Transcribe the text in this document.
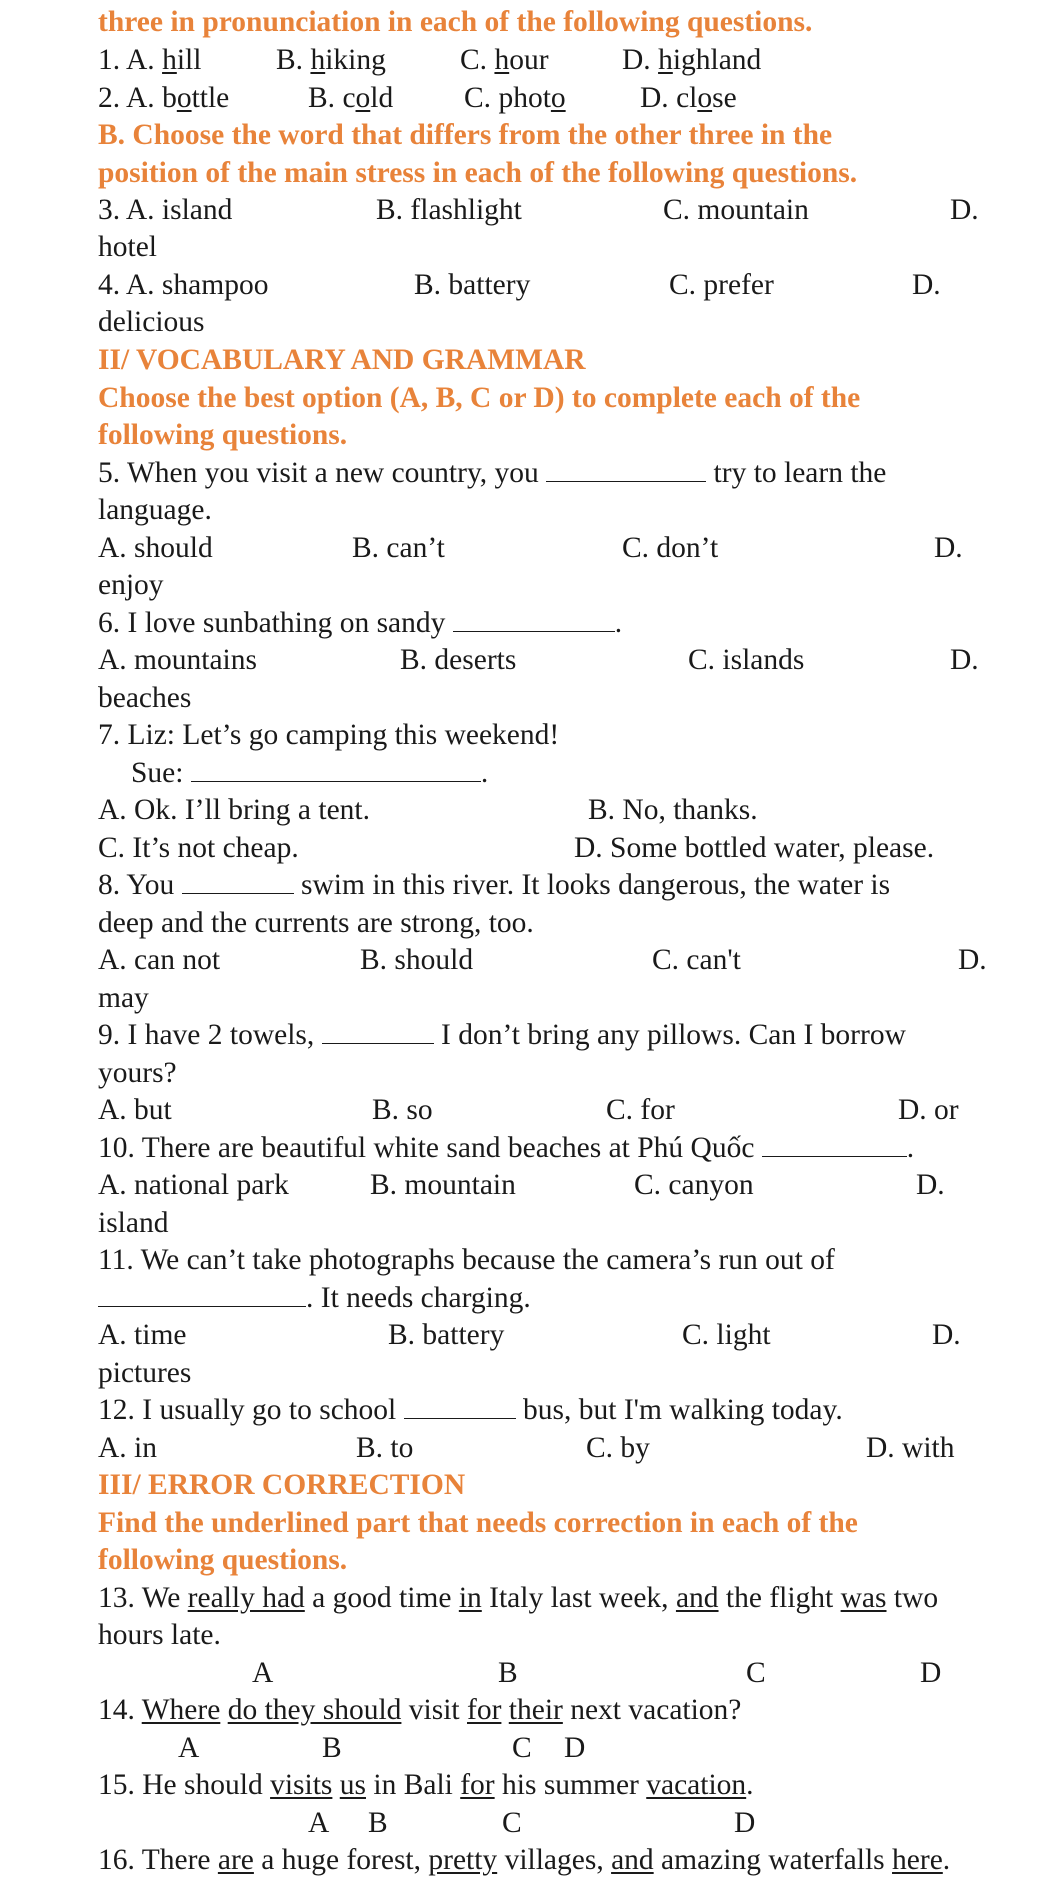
three in pronunciation in each of the following questions.

1. A. hill	B. hiking	C. hour D. highland
2. A. bottle	B. cold C. photo	D. close

B. Choose the word that differs from the other three in the

position of the main stress in each of the following questions.

3. A. island	B. flashlight	C. mountain	D.
hotel
4. A. shampoo	B. battery	C. prefer	D.
delicious

II/ VOCABULARY AND GRAMMAR

Choose the best option (A, B, C or D) to complete each of the

following questions.

5. When you visit a new country, you	try to learn the

language.

A. should	B. can’t	C. don’t	D.
enjoy

6. I love sunbathing on sandy	.

A. mountains	B. deserts	C. islands	D.
beaches

7. Liz: Let’s go camping this weekend!

Sue:	.

A. Ok. I’ll bring a tent.	B. No, thanks.
C. It’s not cheap.	D. Some bottled water, please.

8. You	swim in this river. It looks dangerous, the water is

deep and the currents are strong, too.

A. can not	B. should	C. can't	D.
may

9. I have 2 towels,	I don’t bring any pillows. Can I borrow

yours?

A. but	B. so	C. for	D. or

10. There are beautiful white sand beaches at Phú Quốc	.

A. national park	B. mountain	C. canyon	D.
island

11. We can’t take photographs because the camera’s run out of

. It needs charging.

A. time	B. battery	C. light	D.
pictures

12. I usually go to school	bus, but I'm walking today.

A. in	B. to	C. by	D. with

III/ ERROR CORRECTION

Find the underlined part that needs correction in each of the

following questions.

13. We really had a good time in Italy last week, and the flight was two

hours late.

A	B	C	D

14. Where do they should visit for their next vacation?

A	B	C D

15. He should visits us in Bali for his summer vacation.

A B	C	D

16. There are a huge forest, pretty villages, and amazing waterfalls here.
